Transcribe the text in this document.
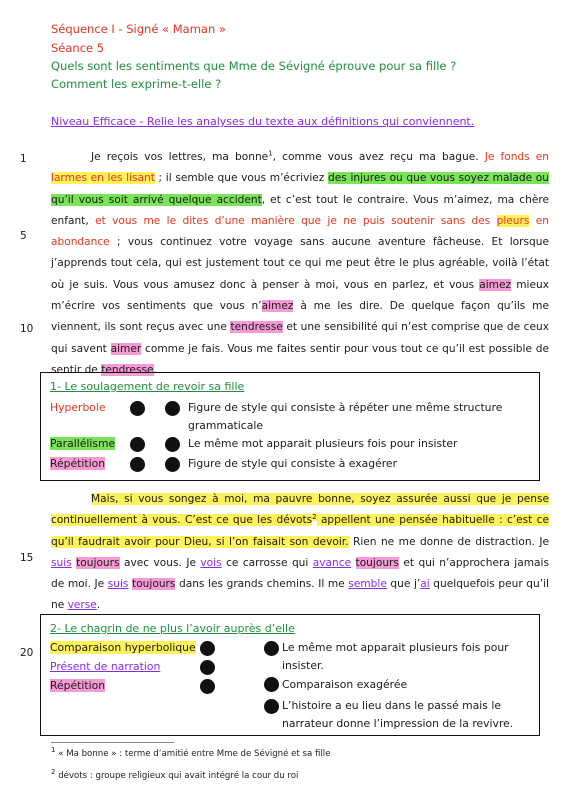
Séquence I - Signé « Maman »
Séance 5
Quels sont les sentiments que Mme de Sévigné éprouve pour sa fille ?
Comment les exprime-t-elle ?
Niveau Efficace - Relie les analyses du texte aux définitions qui conviennent.
1
5
10
15
20
Je reçois vos lettres, ma bonne$^1$, comme vous avez reçu ma bague. Je fonds en larmes en les lisant ; il semble que vous m’écriviez des injures ou que vous soyez malade ou qu’il vous soit arrivé quelque accident, et c’est tout le contraire. Vous m’aimez, ma chère enfant, et vous me le dites d’une manière que je ne puis soutenir sans des pleurs en abondance ; vous continuez votre voyage sans aucune aventure fâcheuse. Et lorsque j’apprends tout cela, qui est justement tout ce qui me peut être le plus agréable, voilà l’état où je suis. Vous vous amusez donc à penser à moi, vous en parlez, et vous aimez mieux m’écrire vos sentiments que vous n’aimez à me les dire. De quelque façon qu’ils me viennent, ils sont reçus avec une tendresse et une sensibilité qui n’est comprise que de ceux qui savent aimer comme je fais. Vous me faites sentir pour vous tout ce qu’il est possible de sentir de tendresse.
1- Le soulagement de revoir sa fille
Hyperbole
Parallélisme
Répétition
Figure de style qui consiste à répéter une même structure
grammaticale
Le même mot apparait plusieurs fois pour insister
Figure de style qui consiste à exagérer
Mais, si vous songez à moi, ma pauvre bonne, soyez assurée aussi que je pense continuellement à vous. C’est ce que les dévots$^2$ appellent une pensée habituelle : c’est ce qu’il faudrait avoir pour Dieu, si l’on faisait son devoir. Rien ne me donne de distraction. Je suis toujours avec vous. Je vois ce carrosse qui avance toujours et qui n’approchera jamais de moi. Je suis toujours dans les grands chemins. Il me semble que j’ai quelquefois peur qu’il ne verse.
2- Le chagrin de ne plus l’avoir auprès d’elle
Comparaison hyperbolique
Présent de narration
Répétition
Le même mot apparait plusieurs fois pour
insister.
Comparaison exagérée
L’histoire a eu lieu dans le passé mais le
narrateur donne l’impression de la revivre.
$^1$ « Ma bonne » : terme d’amitié entre Mme de Sévigné et sa fille
$^2$ dévots : groupe religieux qui avait intégré la cour du roi
